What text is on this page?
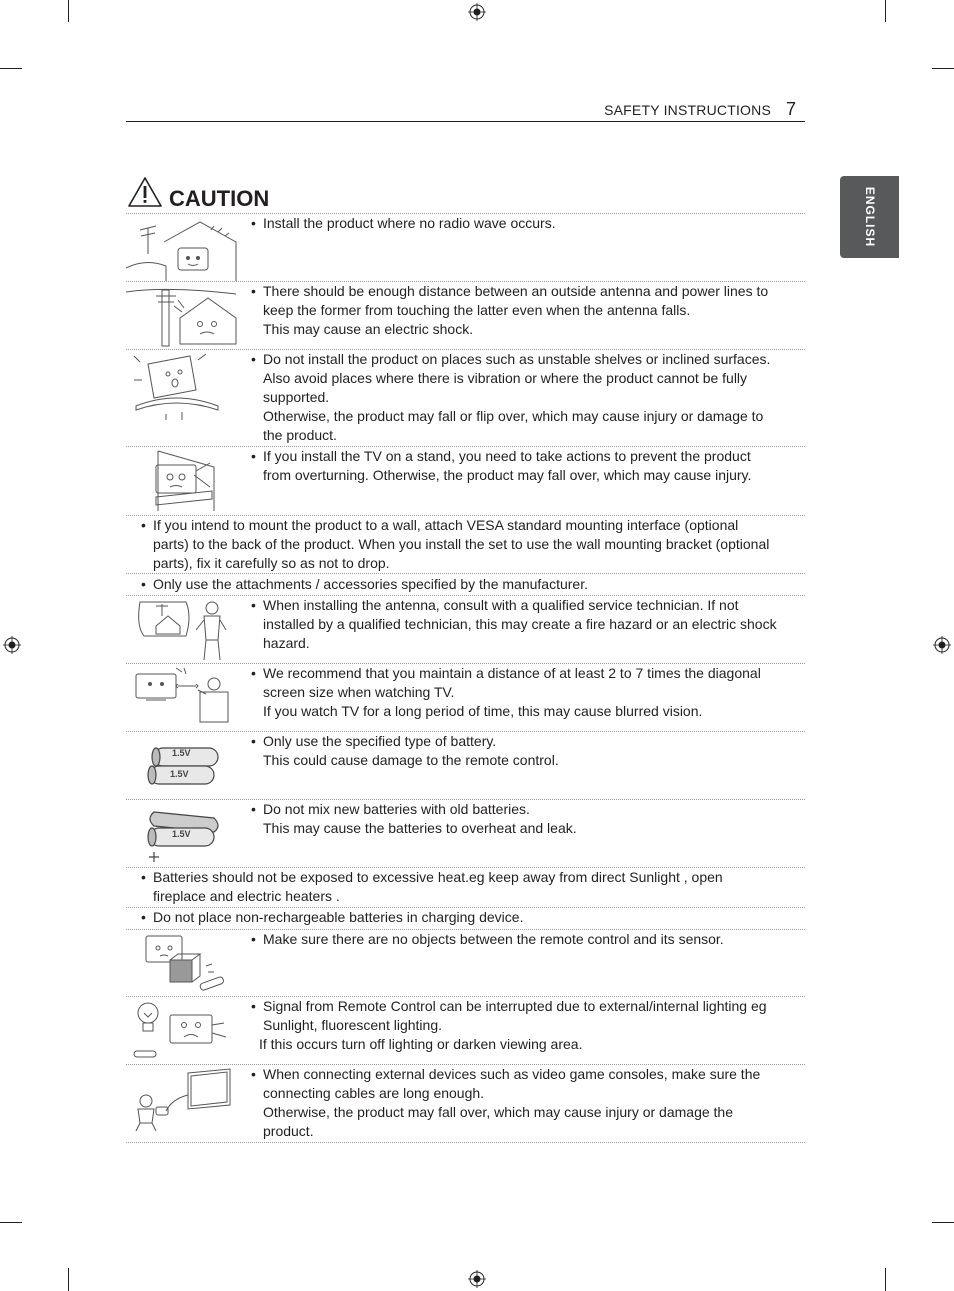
SAFETY INSTRUCTIONS 7
ENGLISH
CAUTION
• Install the product where no radio wave occurs.

• There should be enough distance between an outside antenna and power lines to

keep the former from touching the latter even when the antenna falls.

This may cause an electric shock.

• Do not install the product on places such as unstable shelves or inclined surfaces.

Also avoid places where there is vibration or where the product cannot be fully

supported.

Otherwise, the product may fall or flip over, which may cause injury or damage to

the product.

• If you install the TV on a stand, you need to take actions to prevent the product

from overturning. Otherwise, the product may fall over, which may cause injury.

• If you intend to mount the product to a wall, attach VESA standard mounting interface (optional

parts) to the back of the product. When you install the set to use the wall mounting bracket (optional

parts), fix it carefully so as not to drop.

• Only use the attachments / accessories specified by the manufacturer.

• When installing the antenna, consult with a qualified service technician. If not

installed by a qualified technician, this may create a fire hazard or an electric shock

hazard.

• We recommend that you maintain a distance of at least 2 to 7 times the diagonal

screen size when watching TV.

If you watch TV for a long period of time, this may cause blurred vision.

1.5V
1.5V
• Only use the specified type of battery.

This could cause damage to the remote control.

1.5V
• Do not mix new batteries with old batteries.

This may cause the batteries to overheat and leak.

• Batteries should not be exposed to excessive heat.eg keep away from direct Sunlight , open

fireplace and electric heaters .

• Do not place non-rechargeable batteries in charging device.

• Make sure there are no objects between the remote control and its sensor.

• Signal from Remote Control can be interrupted due to external/internal lighting eg

Sunlight, fluorescent lighting.

If this occurs turn off lighting or darken viewing area.

• When connecting external devices such as video game consoles, make sure the

connecting cables are long enough.

Otherwise, the product may fall over, which may cause injury or damage the

product.
